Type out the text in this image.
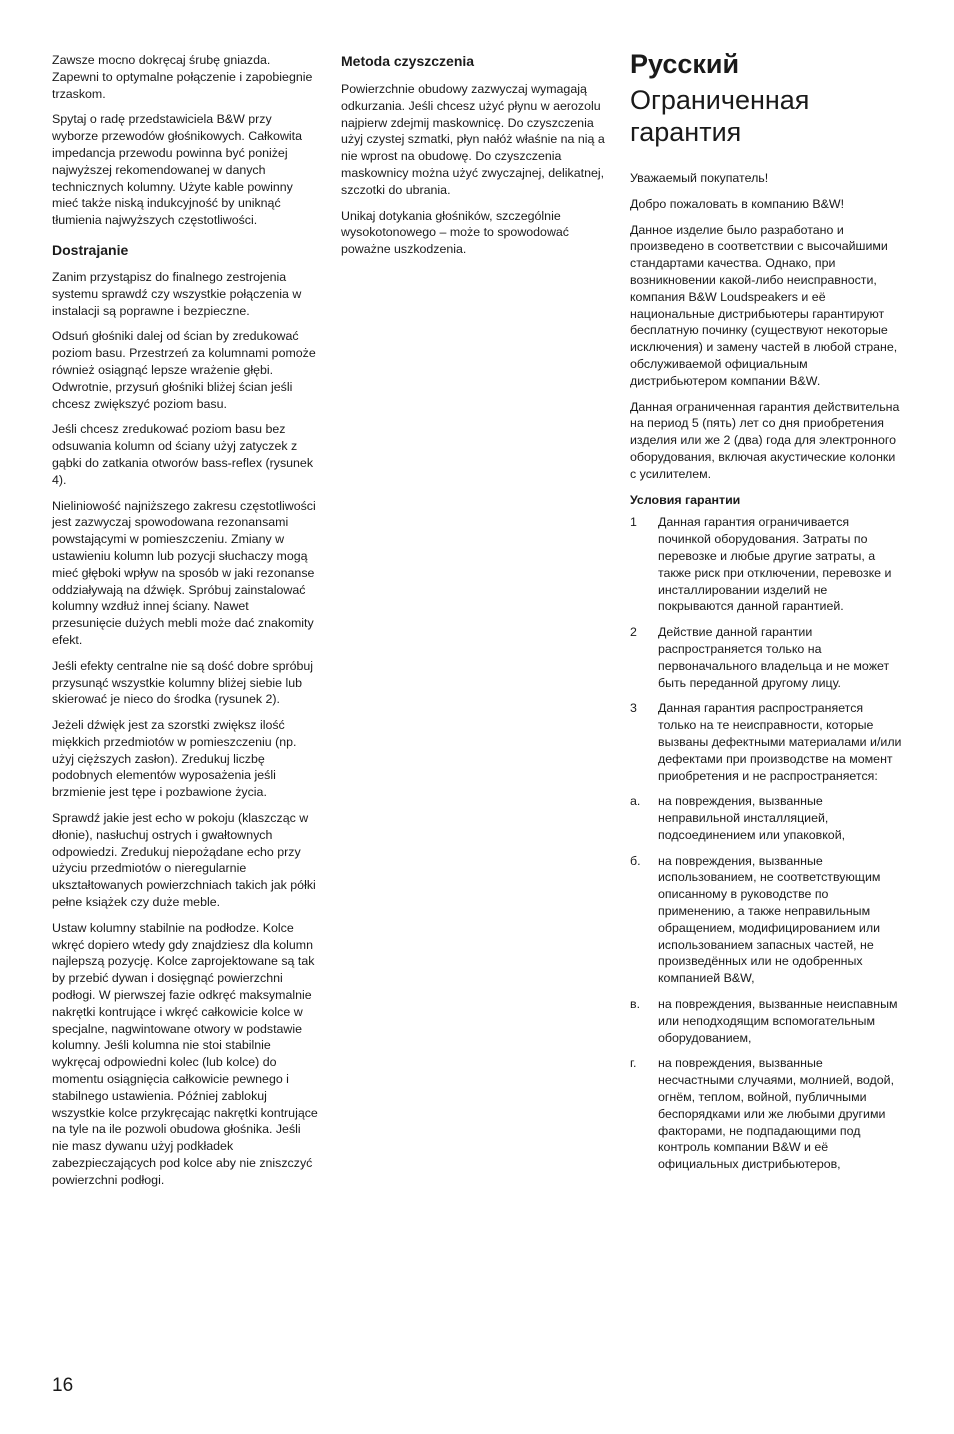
Zawsze mocno dokręcaj śrubę gniazda. Zapewni to optymalne połączenie i zapobiegnie trzaskom.

Spytaj o radę przedstawiciela B&W przy wyborze przewodów głośnikowych. Całkowita impedancja przewodu powinna być poniżej najwyższej rekomendowanej w danych technicznych kolumny. Użyte kable powinny mieć także niską indukcyjność by uniknąć tłumienia najwyższych częstotliwości.

Dostrajanie

Zanim przystąpisz do finalnego zestrojenia systemu sprawdź czy wszystkie połączenia w instalacji są poprawne i bezpieczne.

Odsuń głośniki dalej od ścian by zredukować poziom basu. Przestrzeń za kolumnami pomoże również osiągnąć lepsze wrażenie głębi. Odwrotnie, przysuń głośniki bliżej ścian jeśli chcesz zwiększyć poziom basu.

Jeśli chcesz zredukować poziom basu bez odsuwania kolumn od ściany użyj zatyczek z gąbki do zatkania otworów bass-reflex (rysunek 4).

Nieliniowość najniższego zakresu częstotliwości jest zazwyczaj spowodowana rezonansami powstającymi w pomieszczeniu. Zmiany w ustawieniu kolumn lub pozycji słuchaczy mogą mieć głęboki wpływ na sposób w jaki rezonanse oddziaływają na dźwięk. Spróbuj zainstalować kolumny wzdłuż innej ściany. Nawet przesunięcie dużych mebli może dać znakomity efekt.

Jeśli efekty centralne nie są dość dobre spróbuj przysunąć wszystkie kolumny bliżej siebie lub skierować je nieco do środka (rysunek 2).

Jeżeli dźwięk jest za szorstki zwiększ ilość miękkich przedmiotów w pomieszczeniu (np. użyj cięższych zasłon). Zredukuj liczbę podobnych elementów wyposażenia jeśli brzmienie jest tępe i pozbawione życia.

Sprawdź jakie jest echo w pokoju (klaszcząc w dłonie), nasłuchuj ostrych i gwałtownych odpowiedzi. Zredukuj niepożądane echo przy użyciu przedmiotów o nieregularnie ukształtowanych powierzchniach takich jak półki pełne książek czy duże meble.

Ustaw kolumny stabilnie na podłodze. Kolce wkręć dopiero wtedy gdy znajdziesz dla kolumn najlepszą pozycję. Kolce zaprojektowane są tak by przebić dywan i dosięgnąć powierzchni podłogi. W pierwszej fazie odkręć maksymalnie nakrętki kontrujące i wkręć całkowicie kolce w specjalne, nagwintowane otwory w podstawie kolumny. Jeśli kolumna nie stoi stabilnie wykręcaj odpowiedni kolec (lub kolce) do momentu osiągnięcia całkowicie pewnego i stabilnego ustawienia. Później zablokuj wszystkie kolce przykręcając nakrętki kontrujące na tyle na ile pozwoli obudowa głośnika. Jeśli nie masz dywanu użyj podkładek zabezpieczających pod kolce aby nie zniszczyć powierzchni podłogi.

Metoda czyszczenia

Powierzchnie obudowy zazwyczaj wymagają odkurzania. Jeśli chcesz użyć płynu w aerozolu najpierw zdejmij maskownicę. Do czyszczenia użyj czystej szmatki, płyn nałóż właśnie na nią a nie wprost na obudowę. Do czyszczenia maskownicy można użyć zwyczajnej, delikatnej, szczotki do ubrania.

Unikaj dotykania głośników, szczególnie wysokotonowego – może to spowodować poważne uszkodzenia.

Русский
Ограниченная гарантия

Уважаемый покупатель!

Добро пожаловать в компанию B&W!

Данное изделие было разработано и произведено в соответствии с высочайшими стандартами качества. Однако, при возникновении какой-либо неисправности, компания B&W Loudspeakers и её национальные дистрибьютеры гарантируют бесплатную починку (существуют некоторые исключения) и замену частей в любой стране, обслуживаемой официальным дистрибьютером компании B&W.

Данная ограниченная гарантия действительна на период 5 (пять) лет со дня приобретения изделия или же 2 (два) года для электронного оборудования, включая акустические колонки с усилителем.

Условия гарантии
1	Данная гарантия ограничивается починкой оборудования. Затраты по перевозке и любые другие затраты, а также риск при отключении, перевозке и инсталлировании изделий не покрываются данной гарантией.
2	Действие данной гарантии распространяется только на первоначального владельца и не может быть переданной другому лицу.
3	Данная гарантия распространяется только на те неисправности, которые вызваны дефектными материалами и/или дефектами при производстве на момент приобретения и не распространяется:
а.	на повреждения, вызванные неправильной инсталляцией, подсоединением или упаковкой,
б.	на повреждения, вызванные использованием, не соответствующим описанному в руководстве по применению, а также неправильным обращением, модифицированием или использованием запасных частей, не произведённых или не одобренных компанией B&W,
в.	на повреждения, вызванные неиспавным или неподходящим вспомогательным оборудованием,
г.	на повреждения, вызванные несчастными случаями, молнией, водой, огнём, теплом, войной, публичными беспорядками или же любыми другими факторами, не подпадающими под контроль компании B&W и её официальных дистрибьютеров,
16
